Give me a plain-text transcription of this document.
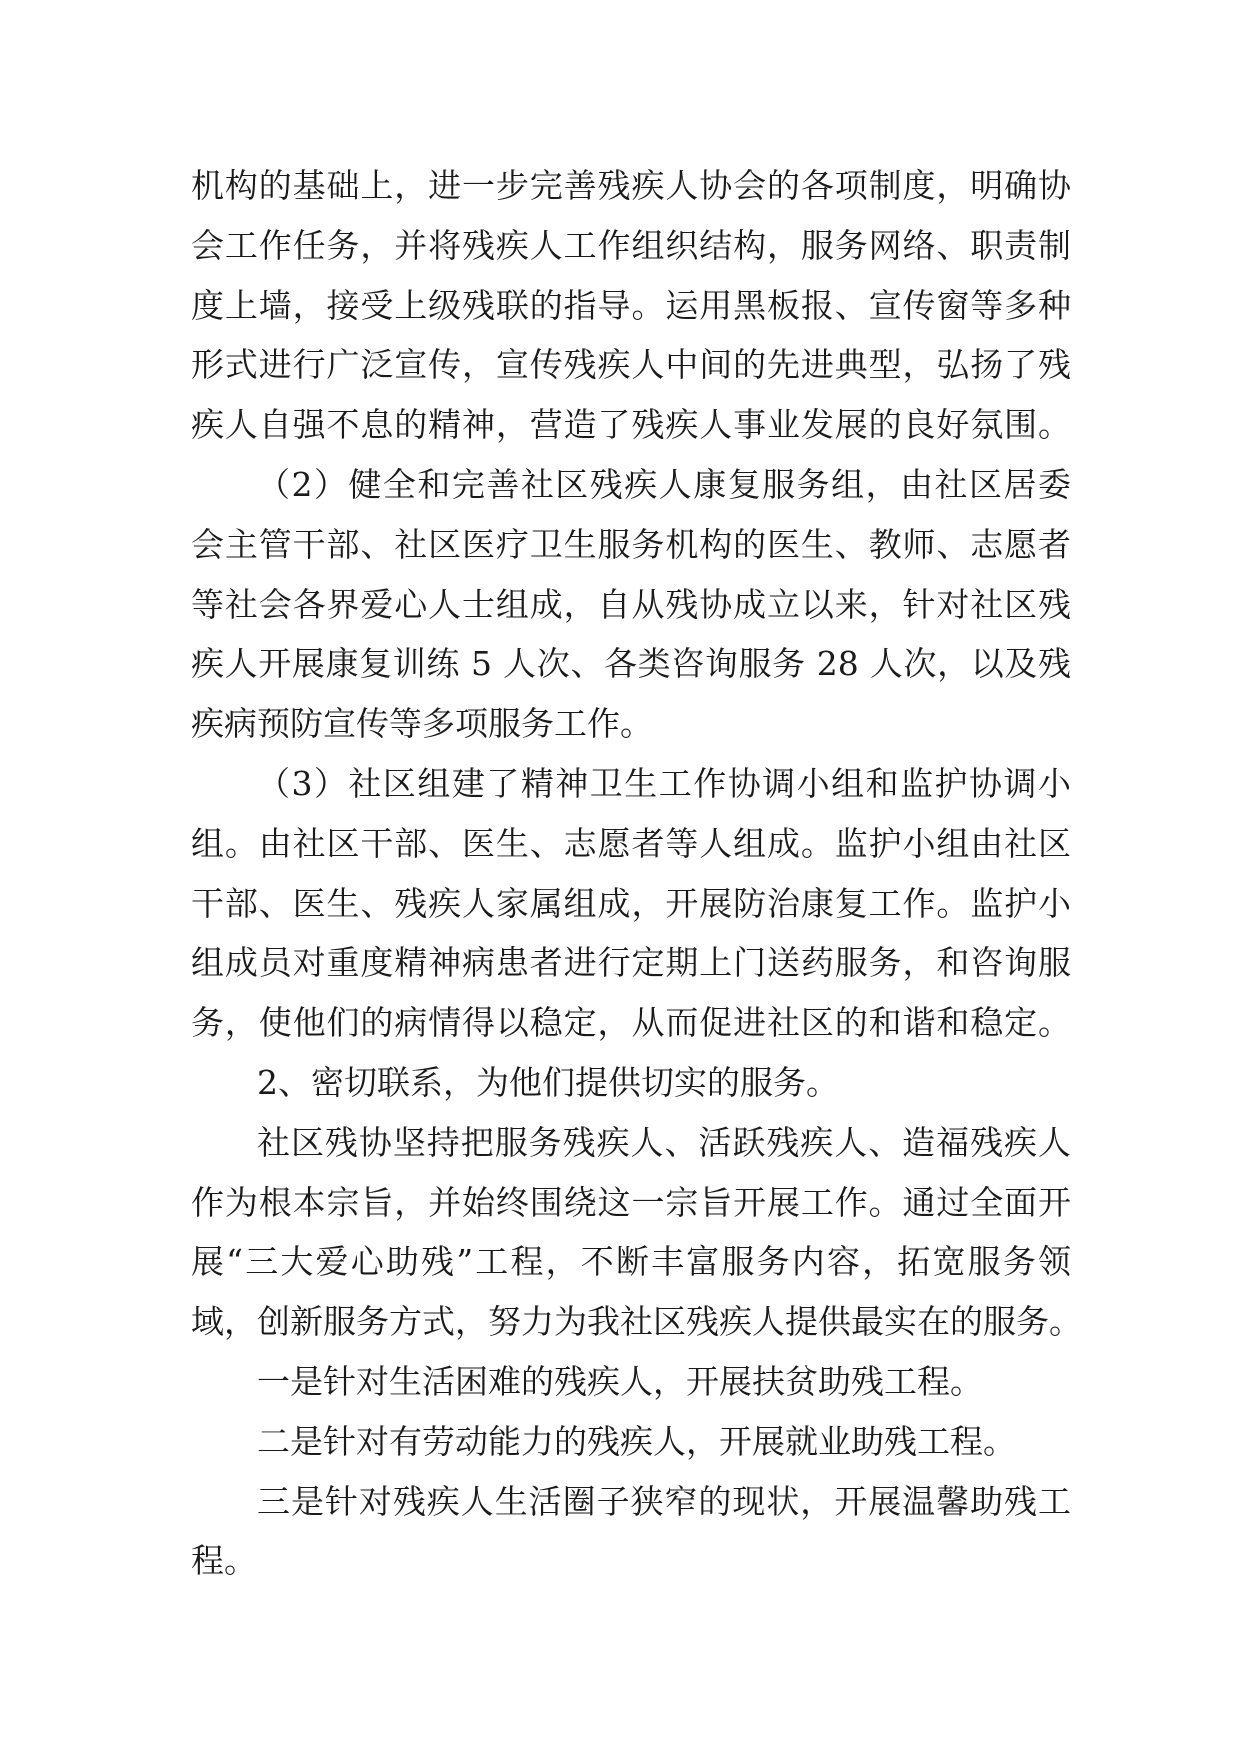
机构的基础上，进一步完善残疾人协会的各项制度，明确协
会工作任务，并将残疾人工作组织结构，服务网络、职责制
度上墙，接受上级残联的指导。运用黑板报、宣传窗等多种
形式进行广泛宣传，宣传残疾人中间的先进典型，弘扬了残
疾人自强不息的精神，营造了残疾人事业发展的良好氛围。
（2）健全和完善社区残疾人康复服务组，由社区居委
会主管干部、社区医疗卫生服务机构的医生、教师、志愿者
等社会各界爱心人士组成，自从残协成立以来，针对社区残
疾人开展康复训练 5 人次、各类咨询服务 28 人次，以及残
疾病预防宣传等多项服务工作。
（3）社区组建了精神卫生工作协调小组和监护协调小
组。由社区干部、医生、志愿者等人组成。监护小组由社区
干部、医生、残疾人家属组成，开展防治康复工作。监护小
组成员对重度精神病患者进行定期上门送药服务，和咨询服
务，使他们的病情得以稳定，从而促进社区的和谐和稳定。
2、密切联系，为他们提供切实的服务。
社区残协坚持把服务残疾人、活跃残疾人、造福残疾人
作为根本宗旨，并始终围绕这一宗旨开展工作。通过全面开
展“三大爱心助残”工程，不断丰富服务内容，拓宽服务领
域，创新服务方式，努力为我社区残疾人提供最实在的服务。
一是针对生活困难的残疾人，开展扶贫助残工程。
二是针对有劳动能力的残疾人，开展就业助残工程。
三是针对残疾人生活圈子狭窄的现状，开展温馨助残工
程。
